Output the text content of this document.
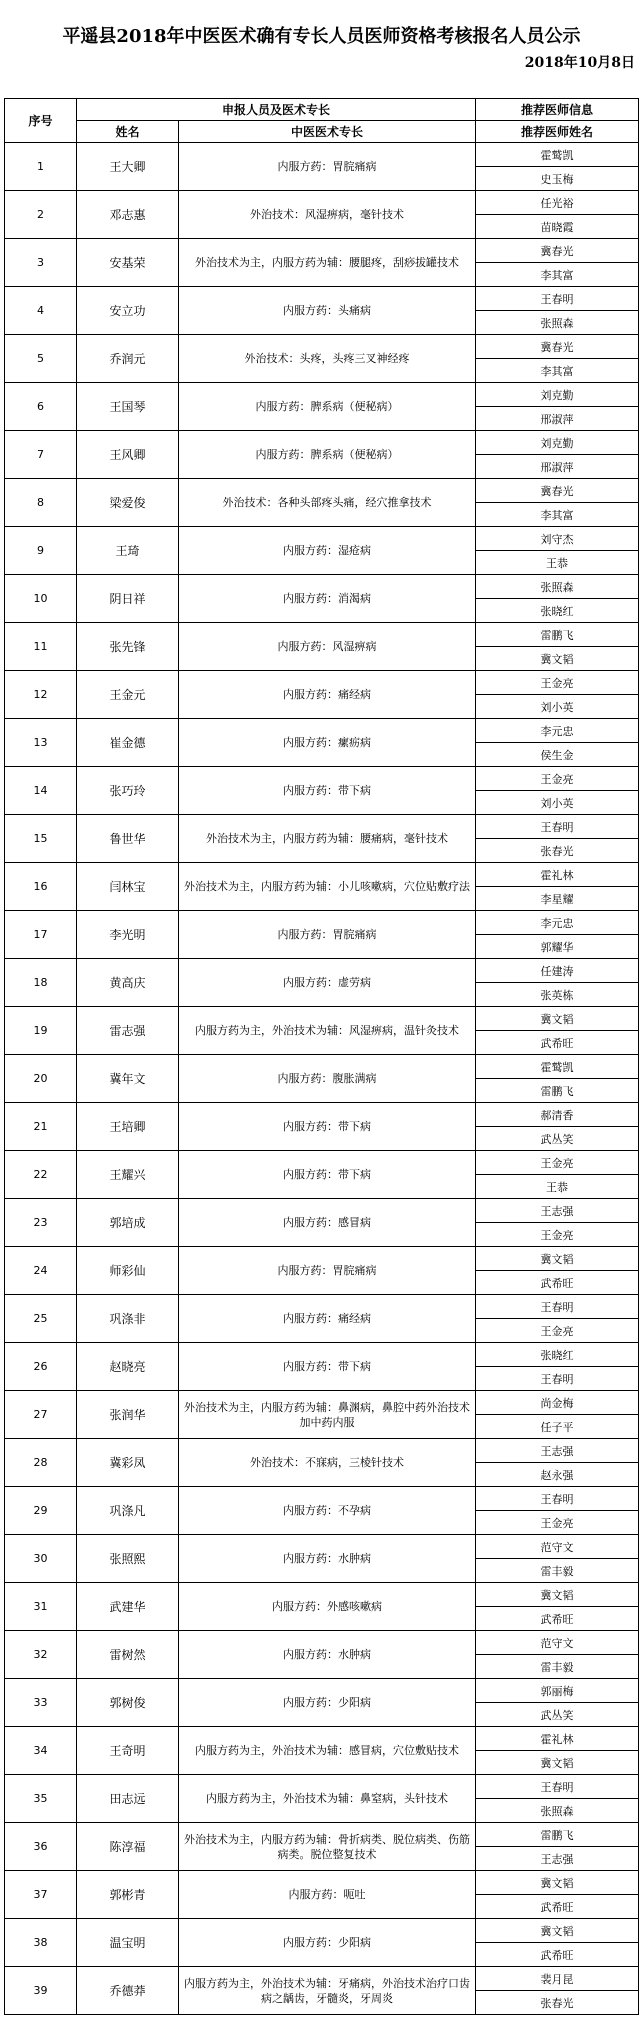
平遥县2018年中医医术确有专长人员医师资格考核报名人员公示
2018年10月8日
序号	申报人员及医术专长		推荐医师信息
	姓名	中医医术专长	推荐医师姓名
1	王大卿	内服方药：胃脘痛病	霍鹫凯
			史玉梅
2	邓志惠	外治技术：风湿痹病，毫针技术	任光裕
			苗晓霞
3	安基荣	外治技术为主，内服方药为辅：腰腿疼，刮痧拔罐技术	冀春光
			李其富
4	安立功	内服方药：头痛病	王春明
			张照森
5	乔润元	外治技术：头疼，头疼三叉神经疼	冀春光
			李其富
6	王国琴	内服方药：脾系病（便秘病）	刘克勤
			邢淑萍
7	王风卿	内服方药：脾系病（便秘病）	刘克勤
			邢淑萍
8	梁爱俊	外治技术：各种头部疼头痛，经穴推拿技术	冀春光
			李其富
9	王琦	内服方药：湿疮病	刘守杰
			王恭
10	阴日祥	内服方药：消渴病	张照森
			张晓红
11	张先锋	内服方药：风湿痹病	雷鹏飞
			冀文韬
12	王金元	内服方药：痛经病	王金亮
			刘小英
13	崔金德	内服方药：瘰疬病	李元忠
			侯生金
14	张巧玲	内服方药：带下病	王金亮
			刘小英
15	鲁世华	外治技术为主，内服方药为辅：腰痛病，毫针技术	王春明
			张春光
16	闫林宝	外治技术为主，内服方药为辅：小儿咳嗽病，穴位贴敷疗法	霍礼林
			李星耀
17	李光明	内服方药：胃脘痛病	李元忠
			郭耀华
18	黄高庆	内服方药：虚劳病	任建涛
			张英栋
19	雷志强	内服方药为主，外治技术为辅：风湿痹病，温针灸技术	冀文韬
			武希旺
20	冀年文	内服方药：腹胀满病	霍鹫凯
			雷鹏飞
21	王培卿	内服方药：带下病	郝清香
			武丛笑
22	王耀兴	内服方药：带下病	王金亮
			王恭
23	郭培成	内服方药：感冒病	王志强
			王金亮
24	师彩仙	内服方药：胃脘痛病	冀文韬
			武希旺
25	巩涤非	内服方药：痛经病	王春明
			王金亮
26	赵晓亮	内服方药：带下病	张晓红
			王春明
27	张润华	外治技术为主，内服方药为辅：鼻渊病，鼻腔中药外治技术加中药内服	尚金梅
			任子平
28	冀彩凤	外治技术：不寐病，三棱针技术	王志强
			赵永强
29	巩涤凡	内服方药：不孕病	王春明
			王金亮
30	张照熙	内服方药：水肿病	范守文
			雷丰毅
31	武建华	内服方药：外感咳嗽病	冀文韬
			武希旺
32	雷树然	内服方药：水肿病	范守文
			雷丰毅
33	郭树俊	内服方药：少阳病	郭丽梅
			武丛笑
34	王奇明	内服方药为主，外治技术为辅：感冒病，穴位敷贴技术	霍礼林
			冀文韬
35	田志远	内服方药为主，外治技术为辅：鼻窒病，头针技术	王春明
			张照森
36	陈淳福	外治技术为主，内服方药为辅：骨折病类、脱位病类、伤筋病类。脱位整复技术	雷鹏飞
			王志强
37	郭彬青	内服方药：呃吐	冀文韬
			武希旺
38	温宝明	内服方药：少阳病	冀文韬
			武希旺
39	乔德莽	内服方药为主，外治技术为辅：牙痛病，外治技术治疗口齿病之龋齿，牙髓炎，牙周炎	裴月昆
			张春光
